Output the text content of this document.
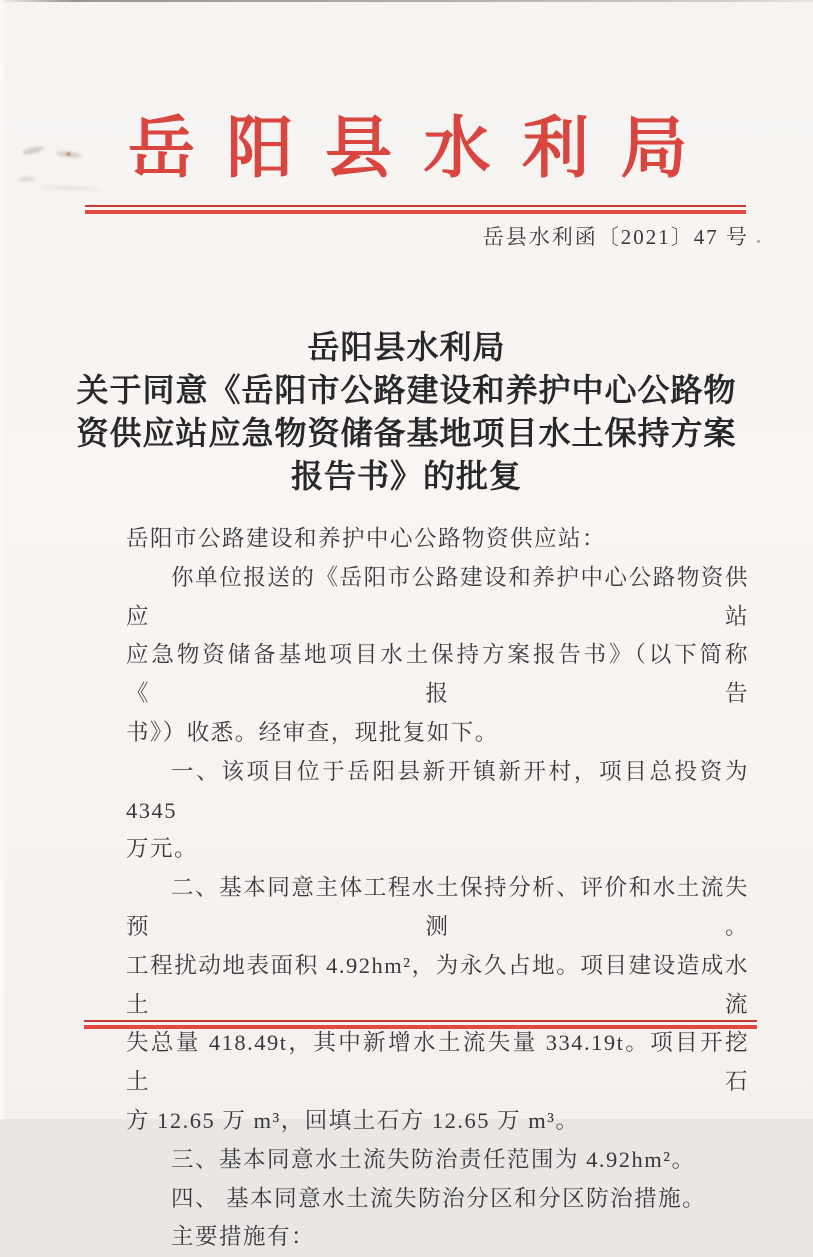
岳阳县水利局
岳县水利函〔2021〕47 号
岳阳县水利局
关于同意《岳阳市公路建设和养护中心公路物
资供应站应急物资储备基地项目水土保持方案
报告书》的批复
岳阳市公路建设和养护中心公路物资供应站：
你单位报送的《岳阳市公路建设和养护中心公路物资供应站
应急物资储备基地项目水土保持方案报告书》（以下简称《报告
书》）收悉。经审查，现批复如下。
一、该项目位于岳阳县新开镇新开村，项目总投资为 4345
万元。
二、基本同意主体工程水土保持分析、评价和水土流失预测。
工程扰动地表面积 4.92hm²，为永久占地。项目建设造成水土流
失总量 418.49t，其中新增水土流失量 334.19t。项目开挖土石
方 12.65 万 m³，回填土石方 12.65 万 m³。
三、基本同意水土流失防治责任范围为 4.92hm²。
四、 基本同意水土流失防治分区和分区防治措施。
主要措施有：
